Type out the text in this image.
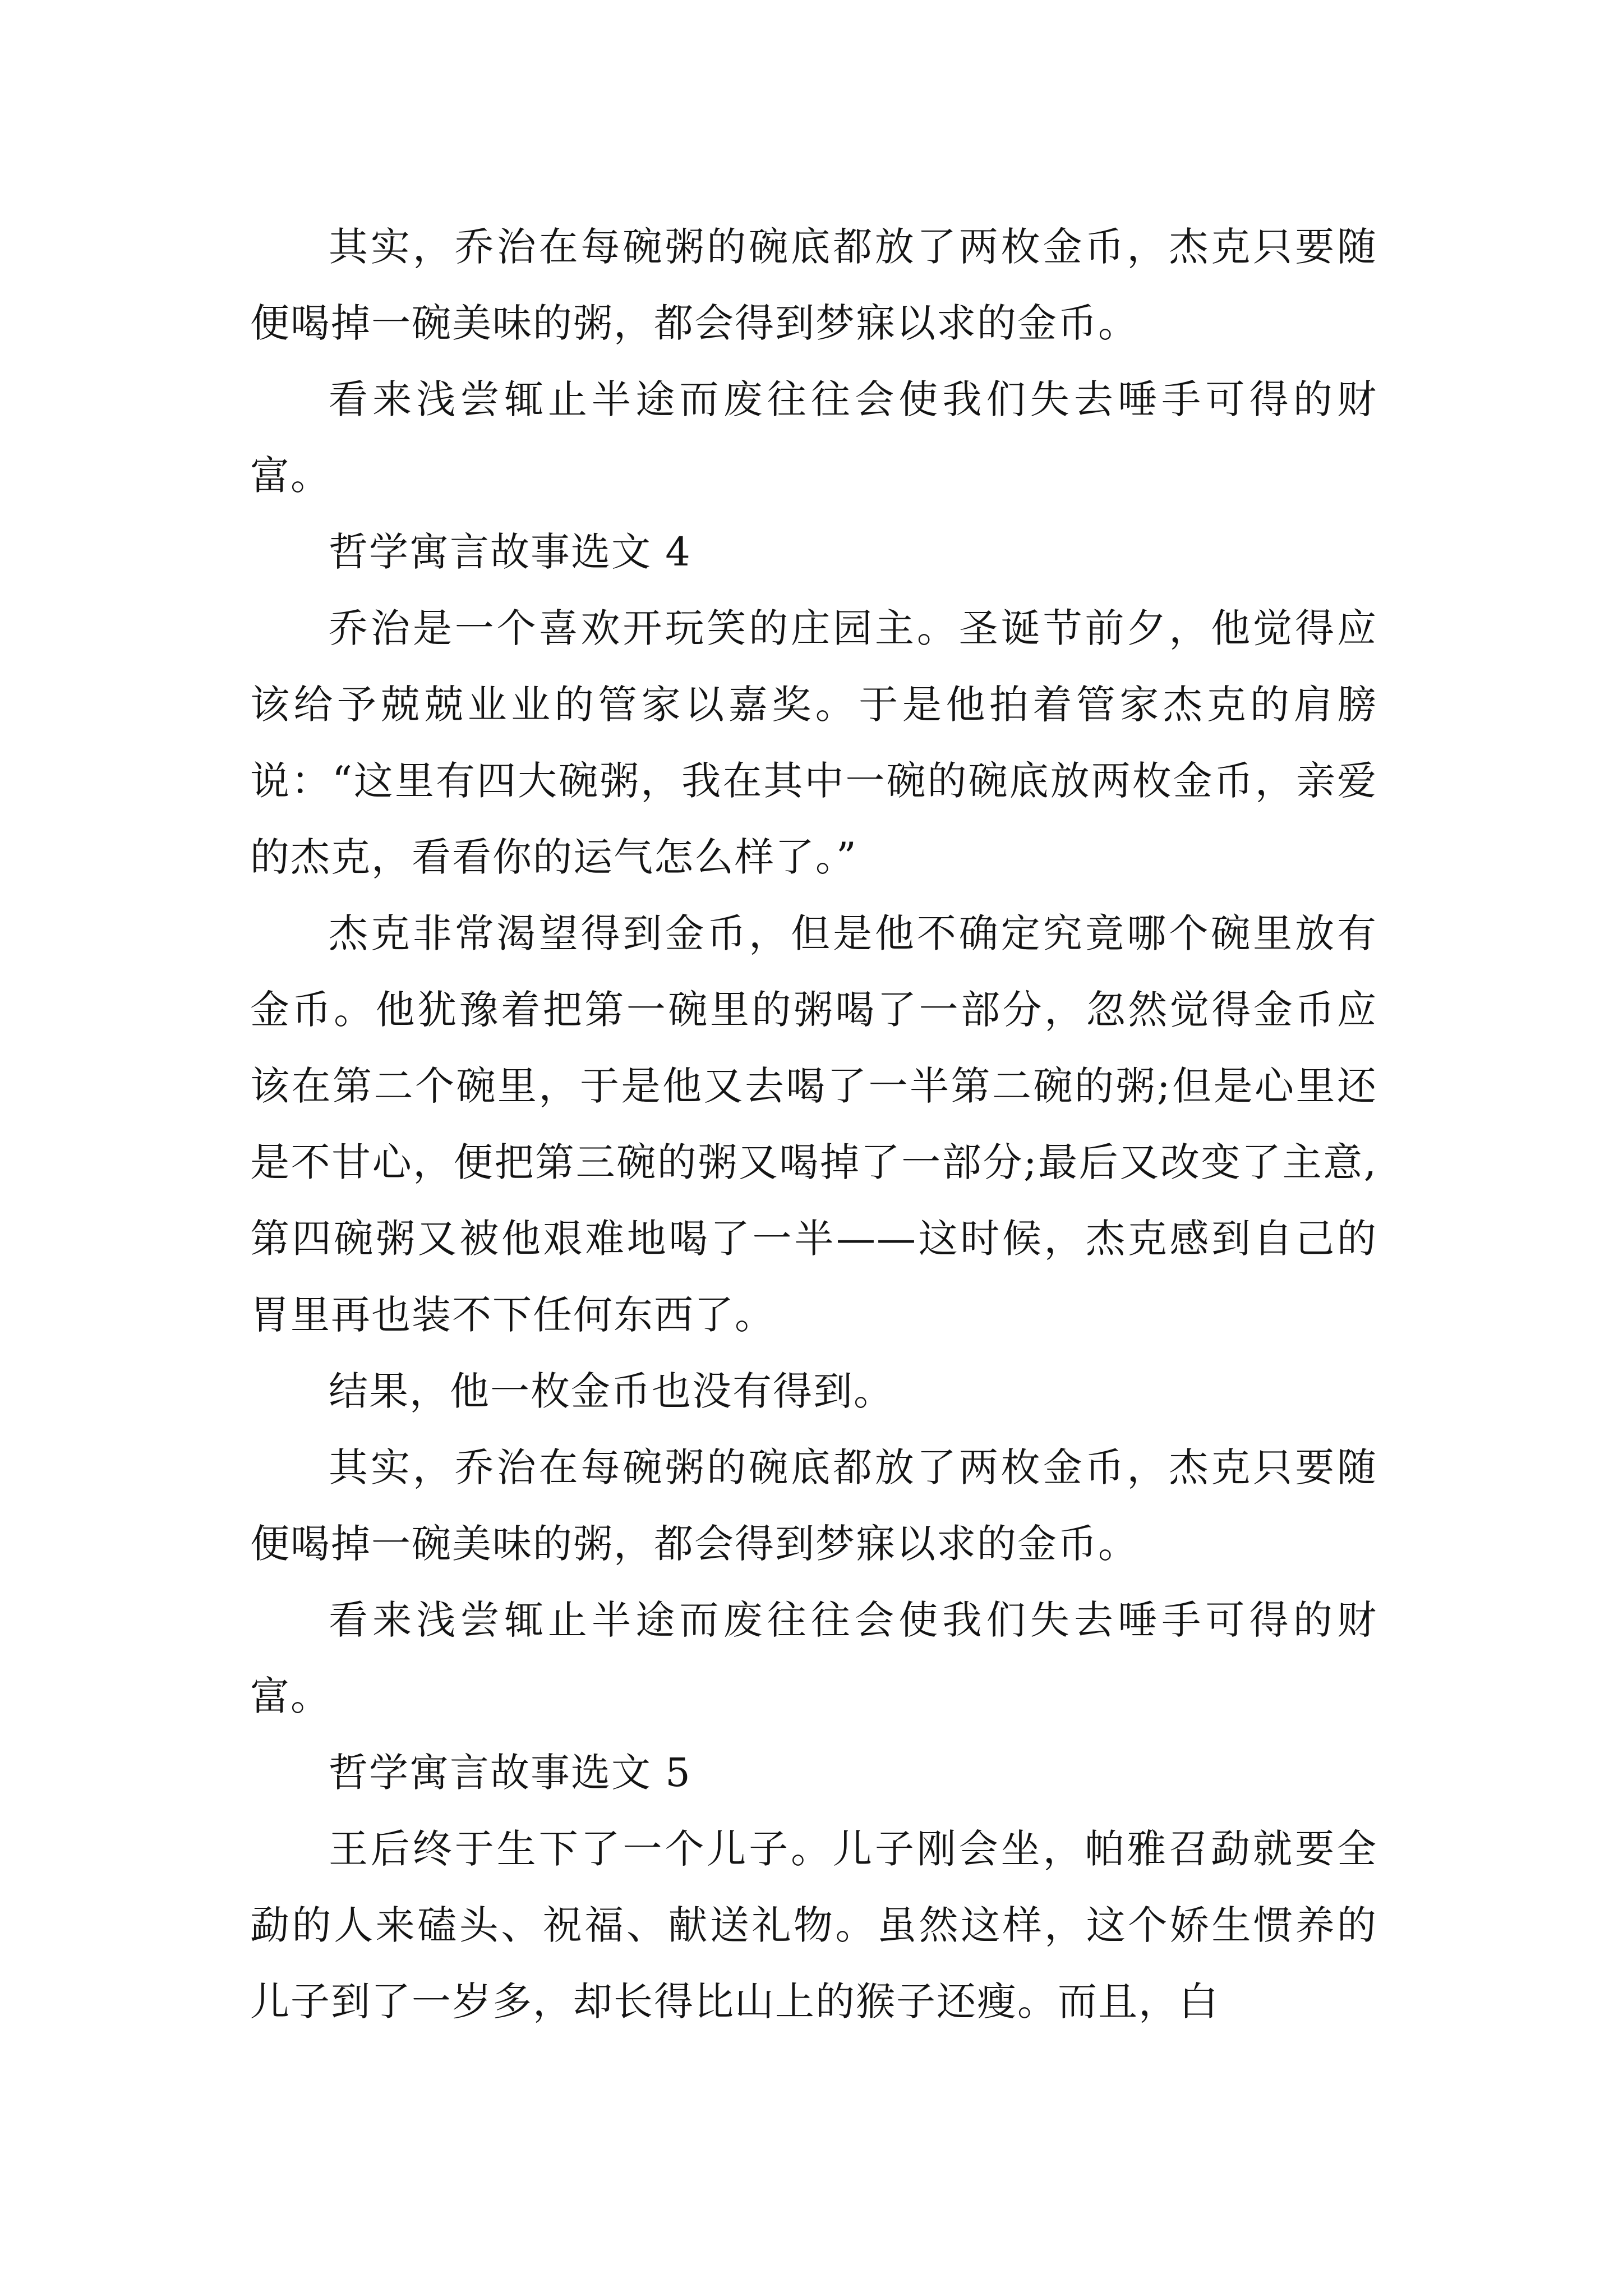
其实，乔治在每碗粥的碗底都放了两枚金币，杰克只要随便喝掉一碗美味的粥，都会得到梦寐以求的金币。

看来浅尝辄止半途而废往往会使我们失去唾手可得的财富。

哲学寓言故事选文 4

乔治是一个喜欢开玩笑的庄园主。圣诞节前夕，他觉得应该给予兢兢业业的管家以嘉奖。于是他拍着管家杰克的肩膀说：“这里有四大碗粥，我在其中一碗的碗底放两枚金币，亲爱的杰克，看看你的运气怎么样了。”

杰克非常渴望得到金币，但是他不确定究竟哪个碗里放有金币。他犹豫着把第一碗里的粥喝了一部分，忽然觉得金币应该在第二个碗里，于是他又去喝了一半第二碗的粥;但是心里还是不甘心，便把第三碗的粥又喝掉了一部分;最后又改变了主意,第四碗粥又被他艰难地喝了一半——这时候，杰克感到自己的胃里再也装不下任何东西了。

结果，他一枚金币也没有得到。

其实，乔治在每碗粥的碗底都放了两枚金币，杰克只要随便喝掉一碗美味的粥，都会得到梦寐以求的金币。

看来浅尝辄止半途而废往往会使我们失去唾手可得的财富。

哲学寓言故事选文 5

王后终于生下了一个儿子。儿子刚会坐，帕雅召勐就要全勐的人来磕头、祝福、献送礼物。虽然这样，这个娇生惯养的儿子到了一岁多，却长得比山上的猴子还瘦。而且，白
